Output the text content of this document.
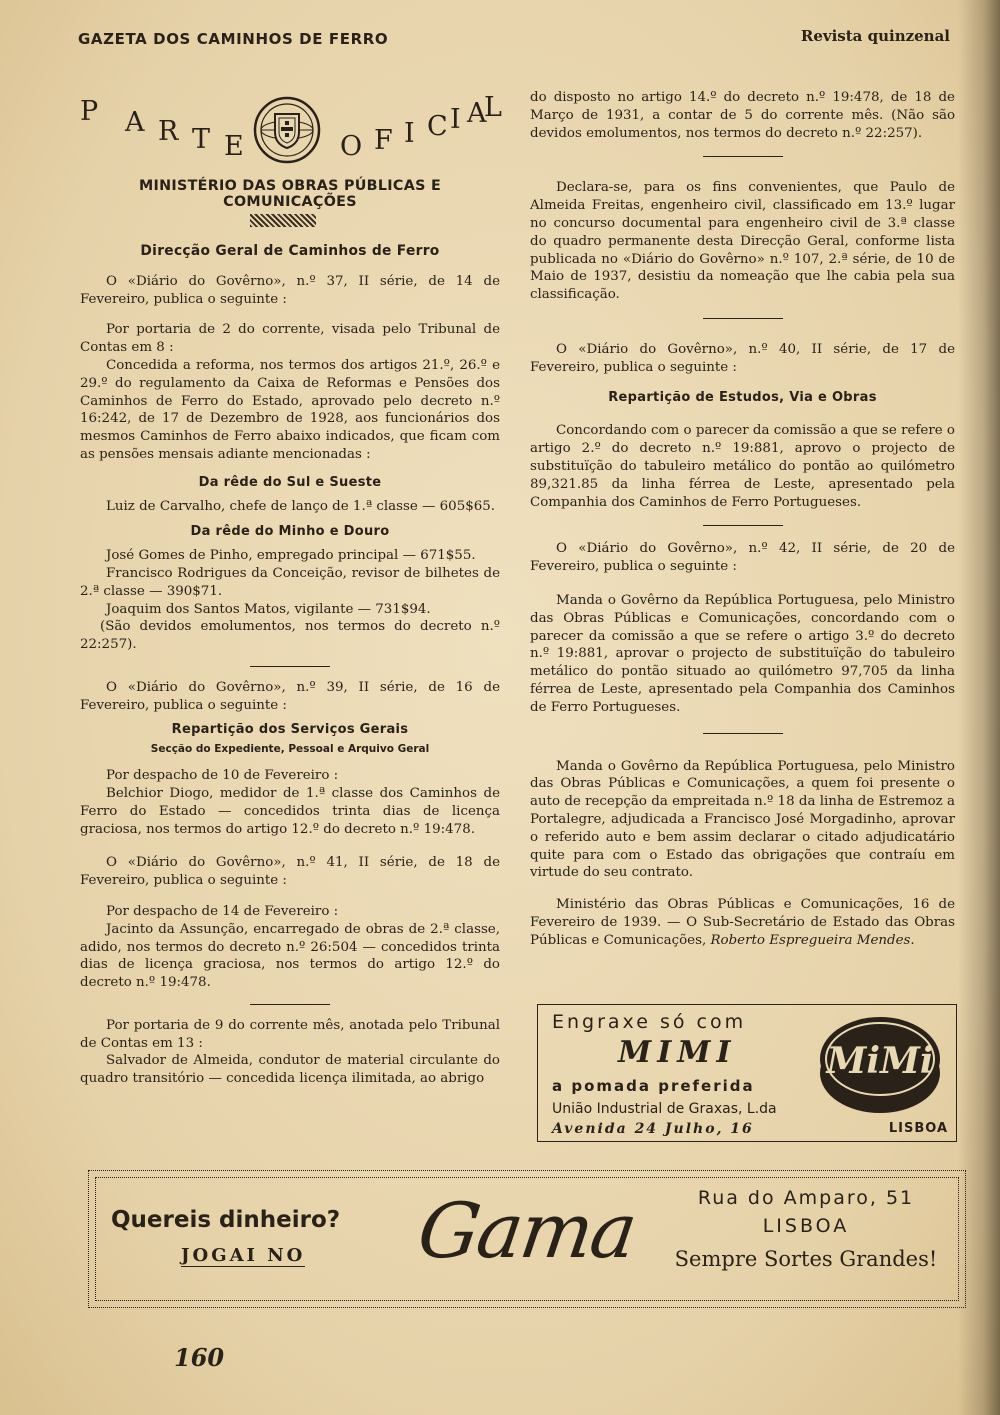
GAZETA DOS CAMINHOS DE FERRO	Revista quinzenal
P A R T E	O F I C I A
L
MINISTÉRIO DAS OBRAS PÚBLICAS E COMUNICAÇÕES
Direcção Geral de Caminhos de Ferro

O «Diário do Govêrno», n.º 37, II série, de 14 de Fevereiro, publica o seguinte :

Por portaria de 2 do corrente, visada pelo Tribunal de Contas em 8 :

Concedida a reforma, nos termos dos artigos 21.º, 26.º e 29.º do regulamento da Caixa de Reformas e Pensões dos Caminhos de Ferro do Estado, aprovado pelo decreto n.º 16:242, de 17 de Dezembro de 1928, aos funcionários dos mesmos Caminhos de Ferro abaixo indicados, que ficam com as pensões mensais adiante mencionadas :

Da rêde do Sul e Sueste

Luiz de Carvalho, chefe de lanço de 1.ª classe — 605$65.

Da rêde do Minho e Douro

José Gomes de Pinho, empregado principal — 671$55.

Francisco Rodrigues da Conceição, revisor de bilhetes de 2.ª classe — 390$71.

Joaquim dos Santos Matos, vigilante — 731$94.

(São devidos emolumentos, nos termos do decreto n.º 22:257).

O «Diário do Govêrno», n.º 39, II série, de 16 de Fevereiro, publica o seguinte :

Repartição dos Serviços Gerais
Secção do Expediente, Pessoal e Arquivo Geral

Por despacho de 10 de Fevereiro :

Belchior Diogo, medidor de 1.ª classe dos Caminhos de Ferro do Estado — concedidos trinta dias de licença graciosa, nos termos do artigo 12.º do decreto n.º 19:478.

O «Diário do Govêrno», n.º 41, II série, de 18 de Fevereiro, publica o seguinte :

Por despacho de 14 de Fevereiro :

Jacinto da Assunção, encarregado de obras de 2.ª classe, adido, nos termos do decreto n.º 26:504 — concedidos trinta dias de licença graciosa, nos termos do artigo 12.º do decreto n.º 19:478.

Por portaria de 9 do corrente mês, anotada pelo Tribunal de Contas em 13 :

Salvador de Almeida, condutor de material circulante do quadro transitório — concedida licença ilimitada, ao abrigo

do disposto no artigo 14.º do decreto n.º 19:478, de 18 de Março de 1931, a contar de 5 do corrente mês. (Não são devidos emolumentos, nos termos do decreto n.º 22:257).

Declara-se, para os fins convenientes, que Paulo de Almeida Freitas, engenheiro civil, classificado em 13.º lugar no concurso documental para engenheiro civil de 3.ª classe do quadro permanente desta Direcção Geral, conforme lista publicada no «Diário do Govêrno» n.º 107, 2.ª série, de 10 de Maio de 1937, desistiu da nomeação que lhe cabia pela sua classificação.

O «Diário do Govêrno», n.º 40, II série, de 17 de Fevereiro, publica o seguinte :

Repartição de Estudos, Via e Obras

Concordando com o parecer da comissão a que se refere o artigo 2.º do decreto n.º 19:881, aprovo o projecto de substituïção do tabuleiro metálico do pontão ao quilómetro 89,321.85 da linha férrea de Leste, apresentado pela Companhia dos Caminhos de Ferro Portugueses.

O «Diário do Govêrno», n.º 42, II série, de 20 de Fevereiro, publica o seguinte :

Manda o Govêrno da República Portuguesa, pelo Ministro das Obras Públicas e Comunicações, concordando com o parecer da comissão a que se refere o artigo 3.º do decreto n.º 19:881, aprovar o projecto de substituïção do tabuleiro metálico do pontão situado ao quilómetro 97,705 da linha férrea de Leste, apresentado pela Companhia dos Caminhos de Ferro Portugueses.

Manda o Govêrno da República Portuguesa, pelo Ministro das Obras Públicas e Comunicações, a quem foi presente o auto de recepção da empreitada n.º 18 da linha de Estremoz a Portalegre, adjudicada a Francisco José Morgadinho, aprovar o referido auto e bem assim declarar o citado adjudicatário quite para com o Estado das obrigações que contraíu em virtude do seu contrato.

Ministério das Obras Públicas e Comunicações, 16 de Fevereiro de 1939. — O Sub-Secretário de Estado das Obras Públicas e Comunicações, Roberto Espregueira Mendes.

Engraxe só com
MIMI
a pomada preferida
União Industrial de Graxas, L.da
Avenida 24 Julho, 16	LISBOA
MiMi
Quereis dinheiro?
JOGAI NO Gama	Rua do Amparo, 51
LISBOA
Sempre Sortes Grandes!
160
